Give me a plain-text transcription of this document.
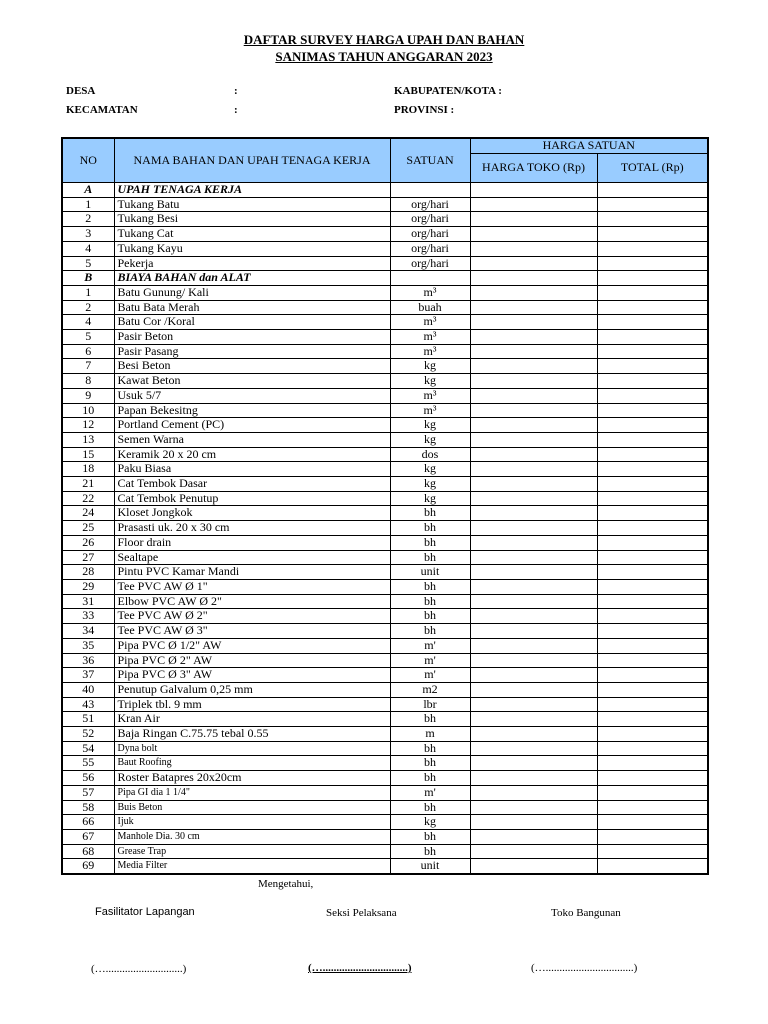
DAFTAR SURVEY HARGA UPAH DAN BAHAN
SANIMAS TAHUN ANGGARAN 2023
DESA	:	KABUPATEN/KOTA :
KECAMATAN	:	PROVINSI :
NO	NAMA BAHAN DAN UPAH TENAGA KERJA	SATUAN	HARGA SATUAN	
			HARGA TOKO (Rp)	TOTAL (Rp)
A	UPAH TENAGA KERJA			
1	Tukang Batu	org/hari		
2	Tukang Besi	org/hari		
3	Tukang Cat	org/hari		
4	Tukang Kayu	org/hari		
5	Pekerja	org/hari		
B	BIAYA BAHAN dan ALAT			
1	Batu Gunung/ Kali	m³		
2	Batu Bata Merah	buah		
4	Batu Cor /Koral	m³		
5	Pasir Beton	m³		
6	Pasir Pasang	m³		
7	Besi Beton	kg		
8	Kawat Beton	kg		
9	Usuk 5/7	m³		
10	Papan Bekesitng	m³		
12	Portland Cement (PC)	kg		
13	Semen Warna	kg		
15	Keramik 20 x 20 cm	dos		
18	Paku Biasa	kg		
21	Cat Tembok Dasar	kg		
22	Cat Tembok Penutup	kg		
24	Kloset Jongkok	bh		
25	Prasasti uk. 20 x 30 cm	bh		
26	Floor drain	bh		
27	Sealtape	bh		
28	Pintu PVC Kamar Mandi	unit		
29	Tee PVC AW Ø 1"	bh		
31	Elbow PVC AW Ø 2"	bh		
33	Tee PVC AW Ø 2"	bh		
34	Tee PVC AW Ø 3"	bh		
35	Pipa PVC Ø 1/2" AW	m'		
36	Pipa PVC Ø 2" AW	m'		
37	Pipa PVC Ø 3" AW	m'		
40	Penutup Galvalum 0,25 mm	m2		
43	Triplek tbl. 9 mm	lbr		
51	Kran Air	bh		
52	Baja Ringan C.75.75 tebal 0.55	m		
54	Dyna bolt	bh		
55	Baut Roofing	bh		
56	Roster Batapres 20x20cm	bh		
57	Pipa GI dia 1 1/4"	m'		
58	Buis Beton	bh		
66	Ijuk	kg		
67	Manhole Dia. 30 cm	bh		
68	Grease Trap	bh		
69	Media Filter	unit		
Mengetahui,
Fasilitator Lapangan	Seksi Pelaksana	Toko Bangunan
(…............................)	(…...............................)	(…................................)
